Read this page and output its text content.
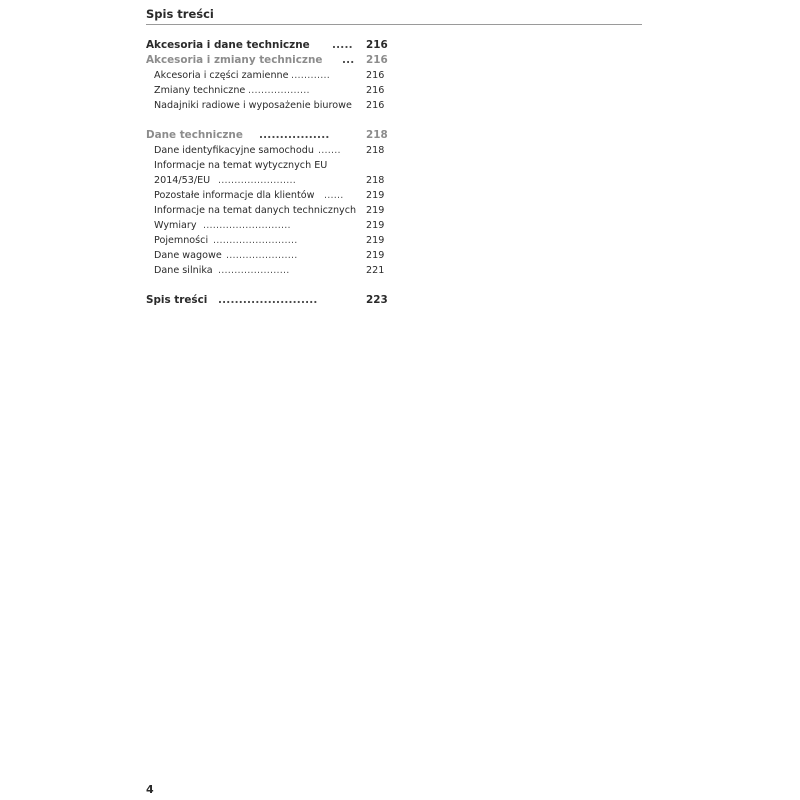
Spis treści
Akcesoria i dane techniczne ..... 216
Akcesoria i zmiany techniczne ... 216
Akcesoria i części zamienne ............	216
Zmiany techniczne ...................	216
Nadajniki radiowe i wyposażenie biurowe 216
Dane techniczne .................	218
Dane identyfikacyjne samochodu .......	218
Informacje na temat wytycznych EU
2014/53/EU ........................	218
Pozostałe informacje dla klientów ...... 219
Informacje na temat danych technicznych 219
Wymiary ...........................	219
Pojemności ..........................	219
Dane wagowe ......................	219
Dane silnika ......................	221
Spis treści ........................	223
4
